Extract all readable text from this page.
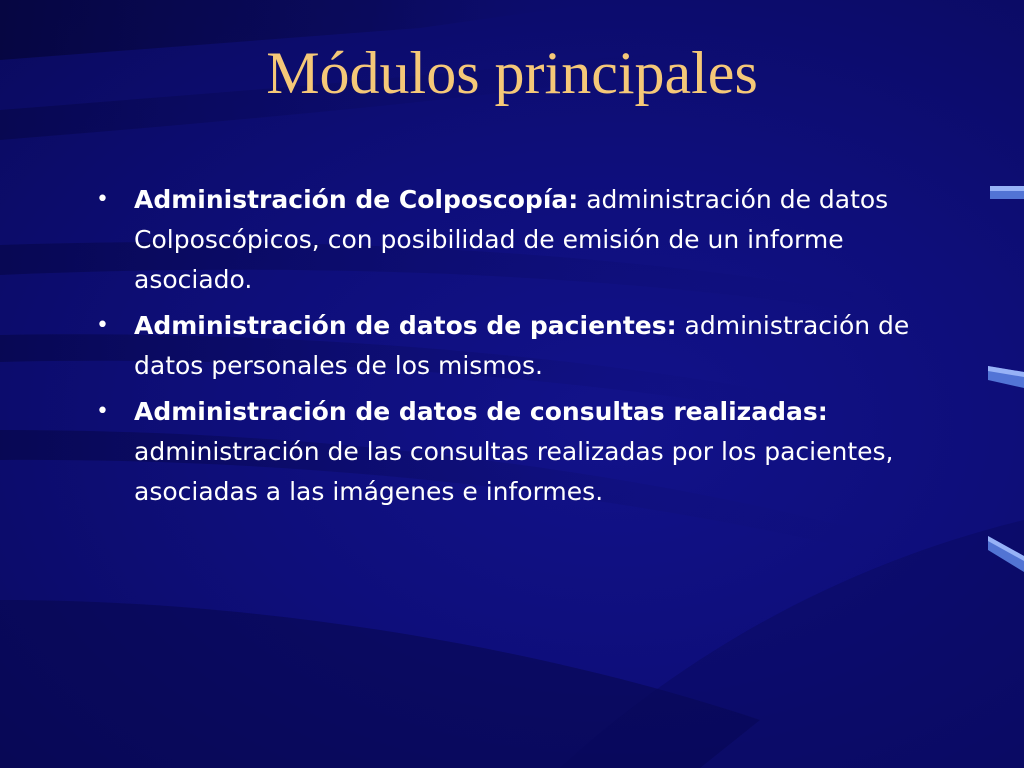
Módulos principales
• Administración de Colposcopía: administración de datos Colposcópicos, con posibilidad de emisión de un informe asociado.
• Administración de datos de pacientes: administración de datos personales de los mismos.
• Administración de datos de consultas realizadas: administración de las consultas realizadas por los pacientes, asociadas a las imágenes e informes.
